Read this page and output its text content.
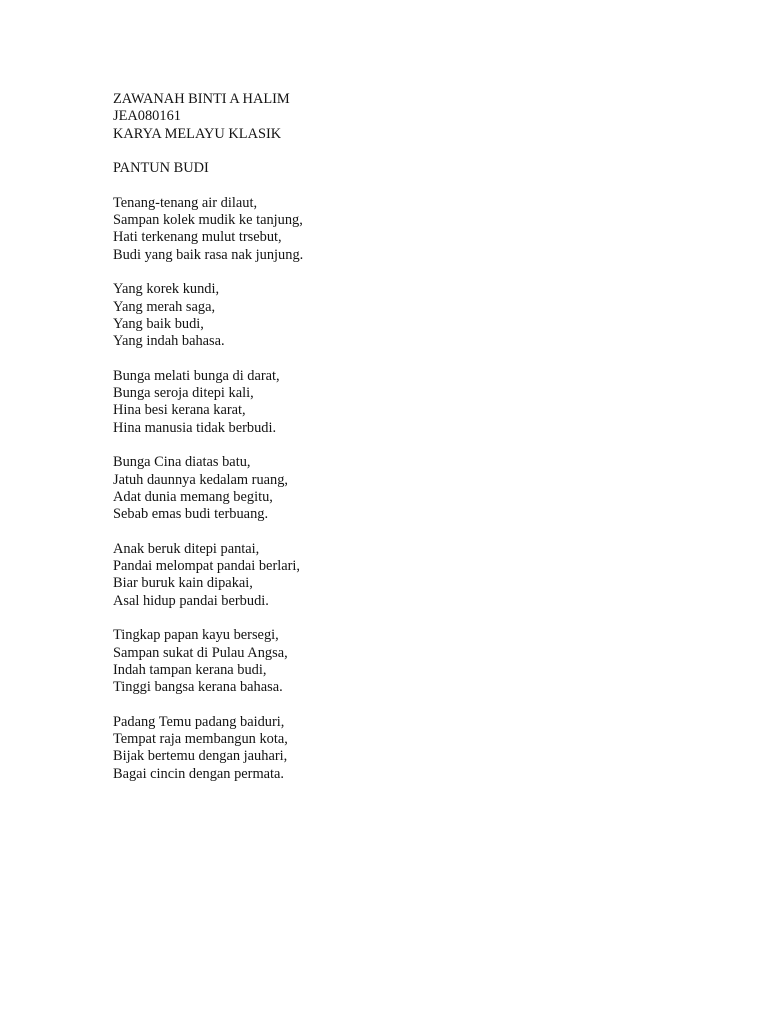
ZAWANAH BINTI A HALIM
JEA080161
KARYA MELAYU KLASIK
PANTUN BUDI
Tenang-tenang air dilaut,
Sampan kolek mudik ke tanjung,
Hati terkenang mulut trsebut,
Budi yang baik rasa nak junjung.
Yang korek kundi,
Yang merah saga,
Yang baik budi,
Yang indah bahasa.
Bunga melati bunga di darat,
Bunga seroja ditepi kali,
Hina besi kerana karat,
Hina manusia tidak berbudi.
Bunga Cina diatas batu,
Jatuh daunnya kedalam ruang,
Adat dunia memang begitu,
Sebab emas budi terbuang.
Anak beruk ditepi pantai,
Pandai melompat pandai berlari,
Biar buruk kain dipakai,
Asal hidup pandai berbudi.
Tingkap papan kayu bersegi,
Sampan sukat di Pulau Angsa,
Indah tampan kerana budi,
Tinggi bangsa kerana bahasa.
Padang Temu padang baiduri,
Tempat raja membangun kota,
Bijak bertemu dengan jauhari,
Bagai cincin dengan permata.
